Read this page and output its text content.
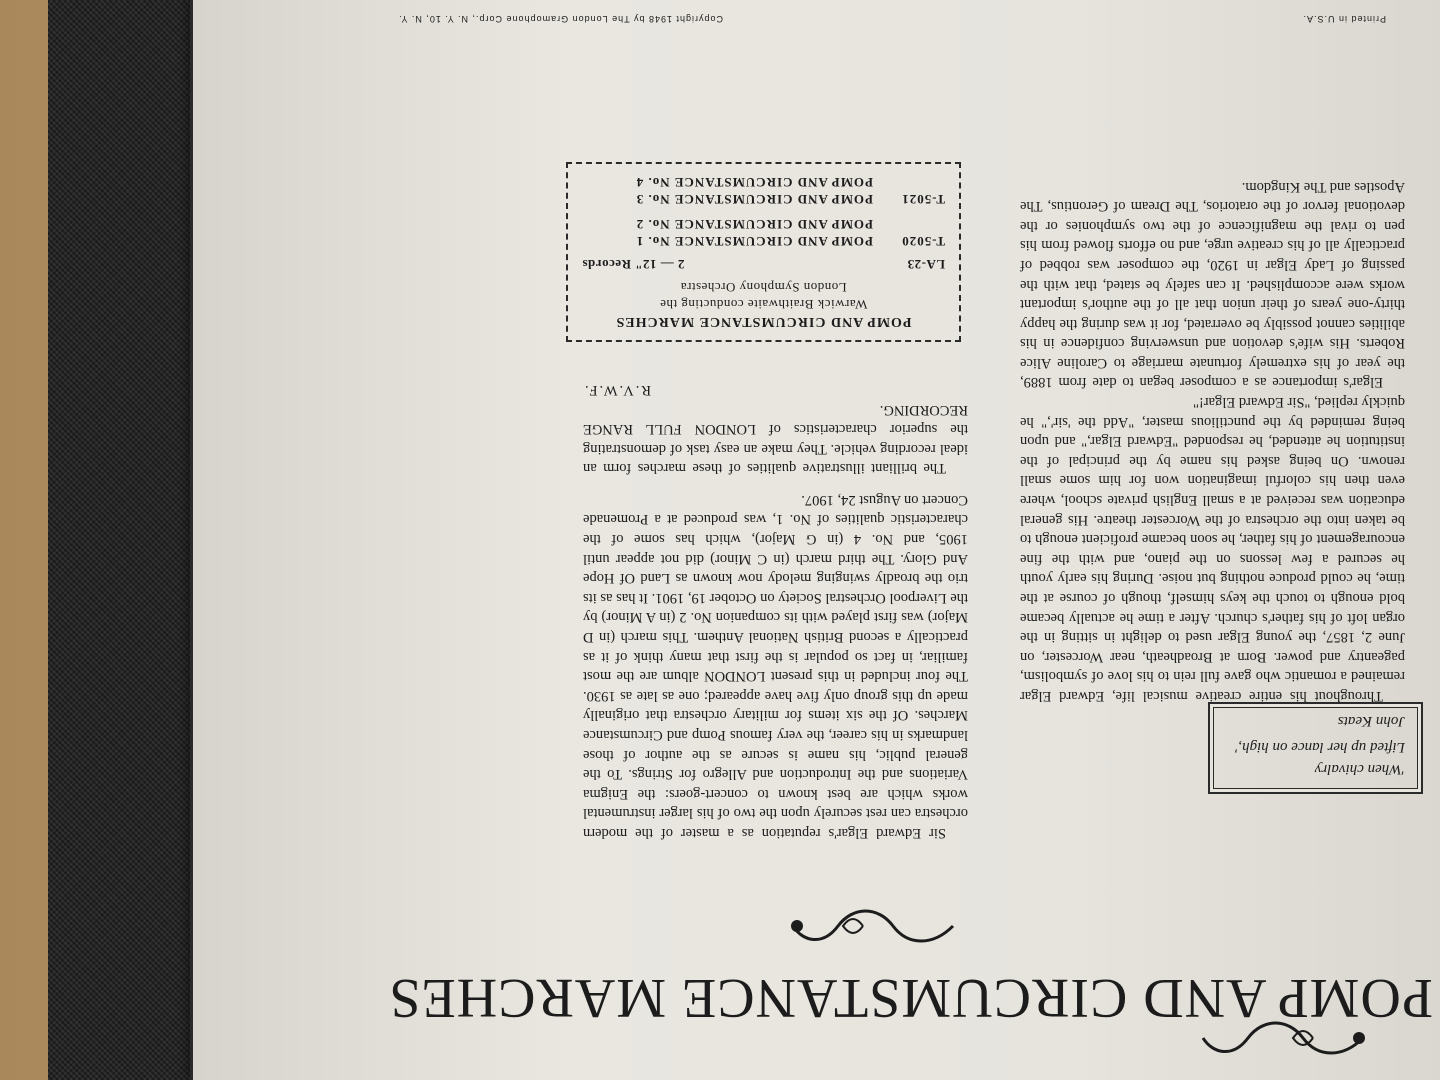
POMP AND CIRCUMSTANCE MARCHES
'When chivalry
Lifted up her lance on high,'

John Keats

Throughout his entire creative musical life, Edward Elgar remained a romantic who gave full rein to his love of symbolism, pageantry and power. Born at Broadheath, near Worcester, on June 2, 1857, the young Elgar used to delight in sitting in the organ loft of his father's church. After a time he actually became bold enough to touch the keys himself, though of course at the time, he could produce nothing but noise. During his early youth he secured a few lessons on the piano, and with the fine encouragement of his father, he soon became proficient enough to be taken into the orchestra of the Worcester theatre. His general education was received at a small English private school, where even then his colorful imagination won for him some small renown. On being asked his name by the principal of the institution he attended, he responded "Edward Elgar," and upon being reminded by the punctilious master, "Add the 'sir'," he quickly replied, "Sir Edward Elgar!"

Elgar's importance as a composer began to date from 1889, the year of his extremely fortunate marriage to Caroline Alice Roberts. His wife's devotion and unswerving confidence in his abilities cannot possibly be overrated, for it was during the happy thirty-one years of their union that all of the author's important works were accomplished. It can safely be stated, that with the passing of Lady Elgar in 1920, the composer was robbed of practically all of his creative urge, and no efforts flowed from his pen to rival the magnificence of the two symphonies or the devotional fervor of the oratorios, The Dream of Gerontius, The Apostles and The Kingdom.

Sir Edward Elgar's reputation as a master of the modern orchestra can rest securely upon the two of his larger instrumental works which are best known to concert-goers: the Enigma Variations and the Introduction and Allegro for Strings. To the general public, his name is secure as the author of those landmarks in his career, the very famous Pomp and Circumstance Marches. Of the six items for military orchestra that originally made up this group only five have appeared; one as late as 1930. The four included in this present LONDON album are the most familiar, in fact so popular is the first that many think of it as practically a second British National Anthem. This march (in D Major) was first played with its companion No. 2 (in A Minor) by the Liverpool Orchestral Society on October 19, 1901. It has as its trio the broadly swinging melody now known as Land Of Hope And Glory. The third march (in C Minor) did not appear until 1905, and No. 4 (in G Major), which has some of the characteristic qualities of No. 1, was produced at a Promenade Concert on August 24, 1907.

The brilliant illustrative qualities of these marches form an ideal recording vehicle. They make an easy task of demonstrating the superior characteristics of LONDON FULL RANGE RECORDING.

R.V.W.F.

POMP AND CIRCUMSTANCE MARCHES
Warwick Braithwaite conducting the
London Symphony Orchestra
LA-23
2 — 12" Records
T-5020
POMP AND CIRCUMSTANCE No. 1
POMP AND CIRCUMSTANCE No. 2
T-5021
POMP AND CIRCUMSTANCE No. 3
POMP AND CIRCUMSTANCE No. 4
Copyright 1948 by The London Gramophone Corp., N. Y. 10, N. Y.	Printed in U.S.A.
